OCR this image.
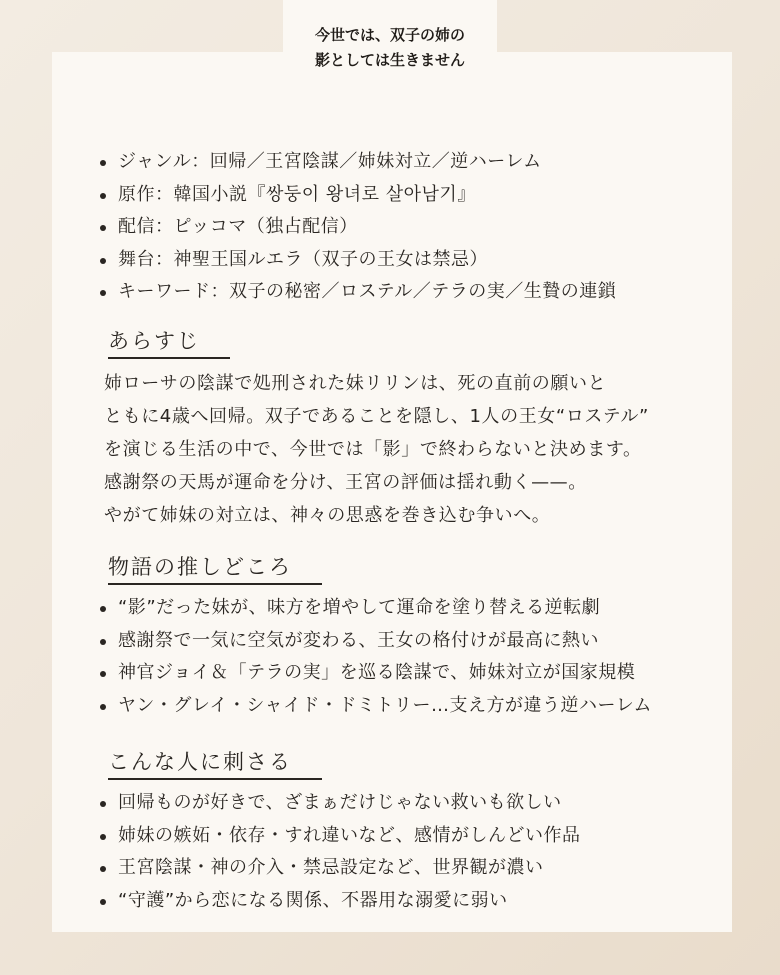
今世では、双子の姉の
影としては生きません
ジャンル：回帰／王宮陰謀／姉妹対立／逆ハーレム
原作：韓国小説『쌍둥이 왕녀로 살아남기』
配信：ピッコマ（独占配信）
舞台：神聖王国ルエラ（双子の王女は禁忌）
キーワード：双子の秘密／ロステル／テラの実／生贄の連鎖
あらすじ
姉ローサの陰謀で処刑された妹リリンは、死の直前の願いと
ともに4歳へ回帰。双子であることを隠し、1人の王女“ロステル”
を演じる生活の中で、今世では「影」で終わらないと決めます。
感謝祭の天馬が運命を分け、王宮の評価は揺れ動く——。
やがて姉妹の対立は、神々の思惑を巻き込む争いへ。
物語の推しどころ
“影”だった妹が、味方を増やして運命を塗り替える逆転劇
感謝祭で一気に空気が変わる、王女の格付けが最高に熱い
神官ジョイ＆「テラの実」を巡る陰謀で、姉妹対立が国家規模
ヤン・グレイ・シャイド・ドミトリー…支え方が違う逆ハーレム
こんな人に刺さる
回帰ものが好きで、ざまぁだけじゃない救いも欲しい
姉妹の嫉妬・依存・すれ違いなど、感情がしんどい作品
王宮陰謀・神の介入・禁忌設定など、世界観が濃い
“守護”から恋になる関係、不器用な溺愛に弱い
